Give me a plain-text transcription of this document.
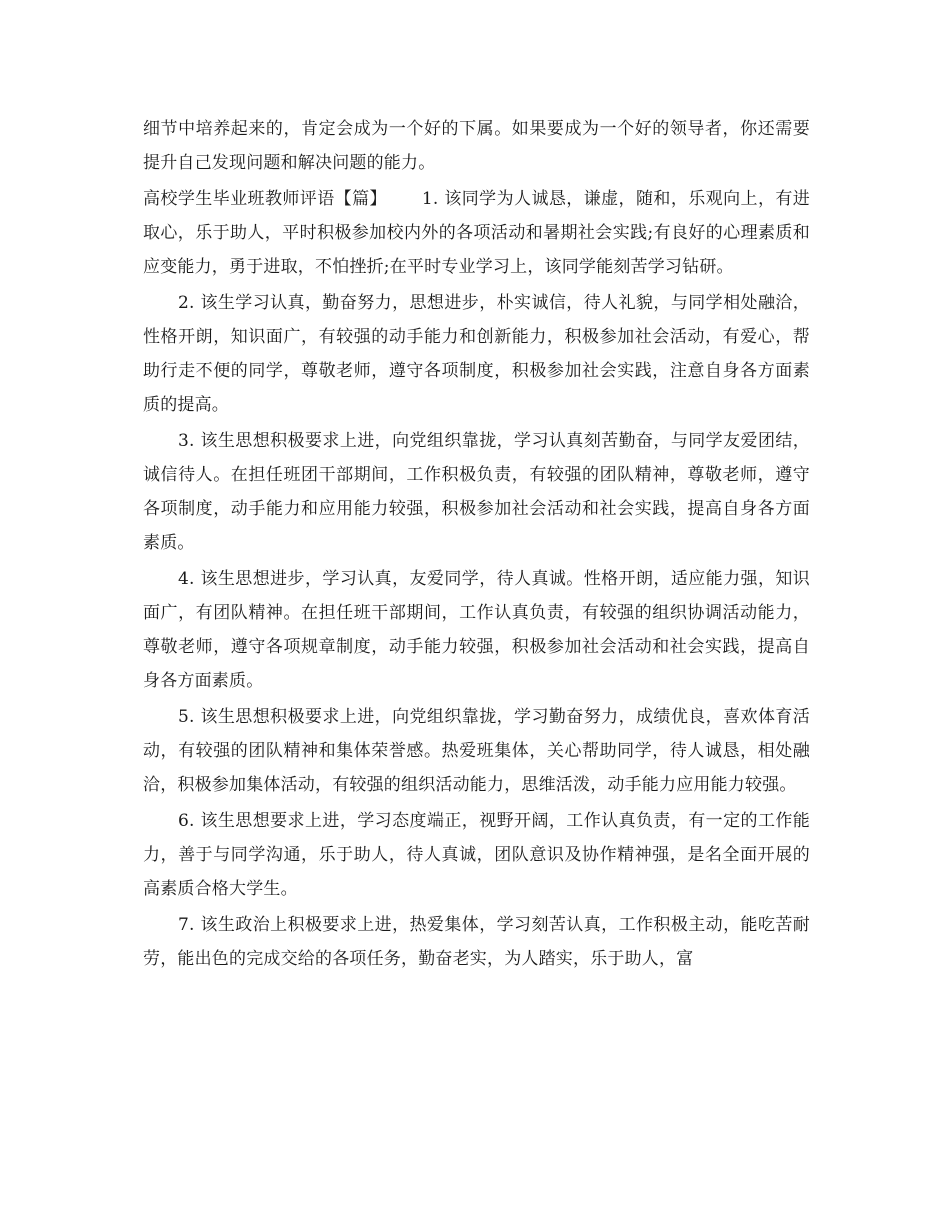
细节中培养起来的，肯定会成为一个好的下属。如果要成为一个好的领导者，你还需要提升自己发现问题和解决问题的能力。

高校学生毕业班教师评语【篇】 1. 该同学为人诚恳，谦虚，随和，乐观向上，有进取心，乐于助人，平时积极参加校内外的各项活动和暑期社会实践;有良好的心理素质和应变能力，勇于进取，不怕挫折;在平时专业学习上，该同学能刻苦学习钻研。

2. 该生学习认真，勤奋努力，思想进步，朴实诚信，待人礼貌，与同学相处融洽，性格开朗，知识面广，有较强的动手能力和创新能力，积极参加社会活动，有爱心，帮助行走不便的同学，尊敬老师，遵守各项制度，积极参加社会实践，注意自身各方面素质的提高。

3. 该生思想积极要求上进，向党组织靠拢，学习认真刻苦勤奋，与同学友爱团结，诚信待人。在担任班团干部期间，工作积极负责，有较强的团队精神，尊敬老师，遵守各项制度，动手能力和应用能力较强，积极参加社会活动和社会实践，提高自身各方面素质。

4. 该生思想进步，学习认真，友爱同学，待人真诚。性格开朗，适应能力强，知识面广，有团队精神。在担任班干部期间，工作认真负责，有较强的组织协调活动能力，尊敬老师，遵守各项规章制度，动手能力较强，积极参加社会活动和社会实践，提高自身各方面素质。

5. 该生思想积极要求上进，向党组织靠拢，学习勤奋努力，成绩优良，喜欢体育活动，有较强的团队精神和集体荣誉感。热爱班集体，关心帮助同学，待人诚恳，相处融洽，积极参加集体活动，有较强的组织活动能力，思维活泼，动手能力应用能力较强。

6. 该生思想要求上进，学习态度端正，视野开阔，工作认真负责，有一定的工作能力，善于与同学沟通，乐于助人，待人真诚，团队意识及协作精神强，是名全面开展的高素质合格大学生。

7. 该生政治上积极要求上进，热爱集体，学习刻苦认真，工作积极主动，能吃苦耐劳，能出色的完成交给的各项任务，勤奋老实，为人踏实，乐于助人，富
